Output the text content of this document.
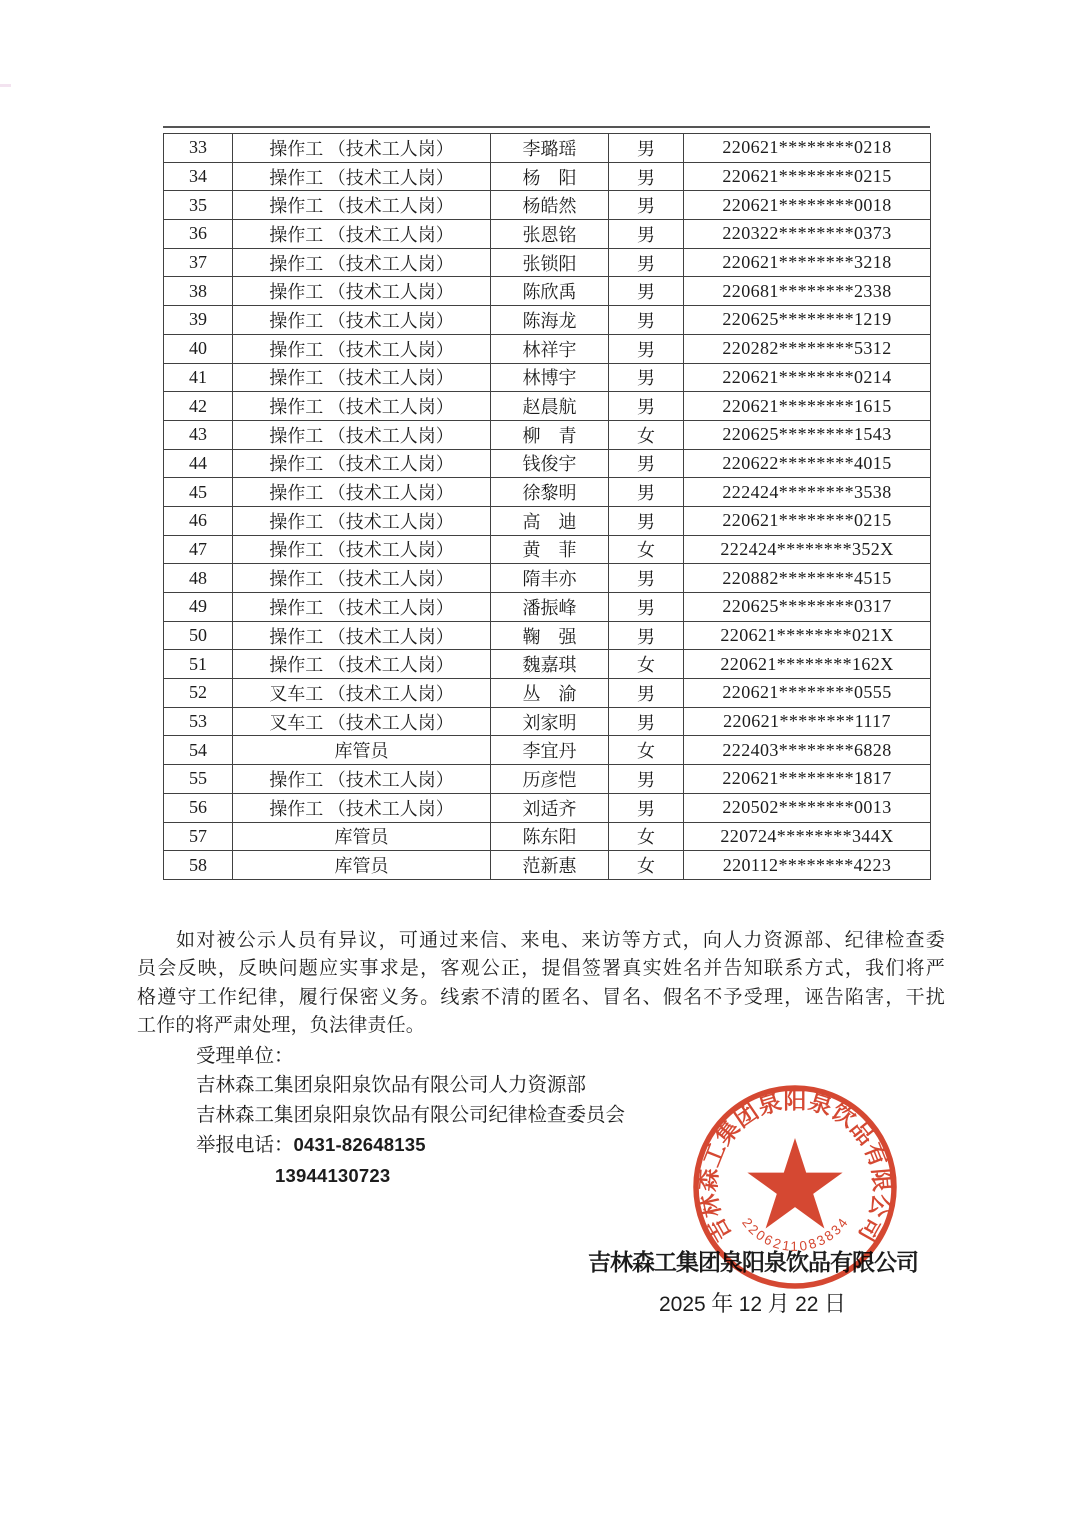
33	操作工 （技术工人岗）	李璐瑶	男	220621********0218
34	操作工 （技术工人岗）	杨　阳	男	220621********0215
35	操作工 （技术工人岗）	杨皓然	男	220621********0018
36	操作工 （技术工人岗）	张恩铭	男	220322********0373
37	操作工 （技术工人岗）	张锁阳	男	220621********3218
38	操作工 （技术工人岗）	陈欣禹	男	220681********2338
39	操作工 （技术工人岗）	陈海龙	男	220625********1219
40	操作工 （技术工人岗）	林祥宇	男	220282********5312
41	操作工 （技术工人岗）	林博宇	男	220621********0214
42	操作工 （技术工人岗）	赵晨航	男	220621********1615
43	操作工 （技术工人岗）	柳　青	女	220625********1543
44	操作工 （技术工人岗）	钱俊宇	男	220622********4015
45	操作工 （技术工人岗）	徐黎明	男	222424********3538
46	操作工 （技术工人岗）	高　迪	男	220621********0215
47	操作工 （技术工人岗）	黄　菲	女	222424********352X
48	操作工 （技术工人岗）	隋丰亦	男	220882********4515
49	操作工 （技术工人岗）	潘振峰	男	220625********0317
50	操作工 （技术工人岗）	鞠　强	男	220621********021X
51	操作工 （技术工人岗）	魏嘉琪	女	220621********162X
52	叉车工 （技术工人岗）	丛　渝	男	220621********0555
53	叉车工 （技术工人岗）	刘家明	男	220621********1117
54	库管员	李宜丹	女	222403********6828
55	操作工 （技术工人岗）	历彦恺	男	220621********1817
56	操作工 （技术工人岗）	刘适齐	男	220502********0013
57	库管员	陈东阳	女	220724********344X
58	库管员	范新惠	女	220112********4223
如对被公示人员有异议，可通过来信、来电、来访等方式，向人力资源部、纪律检查委
员会反映，反映问题应实事求是，客观公正，提倡签署真实姓名并告知联系方式，我们将严
格遵守工作纪律，履行保密义务。线索不清的匿名、冒名、假名不予受理，诬告陷害，干扰
工作的将严肃处理，负法律责任。
受理单位：
吉林森工集团泉阳泉饮品有限公司人力资源部
吉林森工集团泉阳泉饮品有限公司纪律检查委员会
举报电话：0431-82648135
13944130723
吉林森工集团泉阳泉饮品有限公司
2025 年 12 月 22 日
吉林森工集团泉阳泉饮品有限公司
2206211083834
